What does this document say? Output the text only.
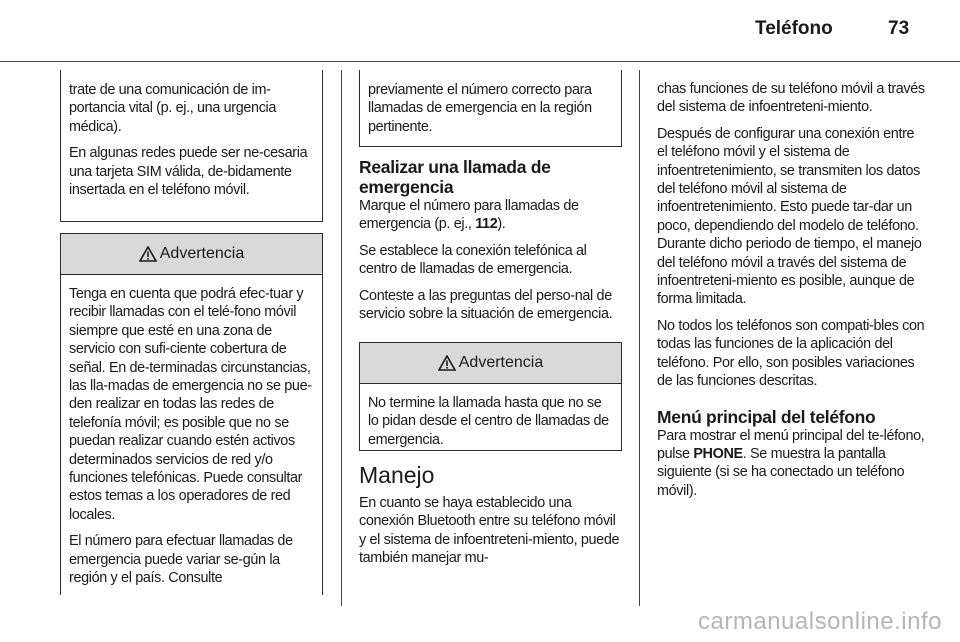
Teléfono	73

trate de una comunicación de im-portancia vital (p. ej., una urgencia médica).

En algunas redes puede ser ne-cesaria una tarjeta SIM válida, de-bidamente insertada en el teléfono móvil.

Advertencia

Tenga en cuenta que podrá efec-tuar y recibir llamadas con el telé-fono móvil siempre que esté en una zona de servicio con sufi-ciente cobertura de señal. En de-terminadas circunstancias, las lla-madas de emergencia no se pue-den realizar en todas las redes de telefonía móvil; es posible que no se puedan realizar cuando estén activos determinados servicios de red y/o funciones telefónicas. Puede consultar estos temas a los operadores de red locales.

El número para efectuar llamadas de emergencia puede variar se-gún la región y el país. Consulte

previamente el número correcto para llamadas de emergencia en la región pertinente.

Realizar una llamada de emergencia

Marque el número para llamadas de emergencia (p. ej., 112).

Se establece la conexión telefónica al centro de llamadas de emergencia.

Conteste a las preguntas del perso-nal de servicio sobre la situación de emergencia.

Advertencia

No termine la llamada hasta que no se lo pidan desde el centro de llamadas de emergencia.

Manejo

En cuanto se haya establecido una conexión Bluetooth entre su teléfono móvil y el sistema de infoentreteni-miento, puede también manejar mu-

chas funciones de su teléfono móvil a través del sistema de infoentreteni-miento.

Después de configurar una conexión entre el teléfono móvil y el sistema de infoentretenimiento, se transmiten los datos del teléfono móvil al sistema de infoentretenimiento. Esto puede tar-dar un poco, dependiendo del modelo de teléfono. Durante dicho periodo de tiempo, el manejo del teléfono móvil a través del sistema de infoentreteni-miento es posible, aunque de forma limitada.

No todos los teléfonos son compati-bles con todas las funciones de la aplicación del teléfono. Por ello, son posibles variaciones de las funciones descritas.

Menú principal del teléfono

Para mostrar el menú principal del te-léfono, pulse PHONE. Se muestra la pantalla siguiente (si se ha conectado un teléfono móvil).

carmanualsonline.info
